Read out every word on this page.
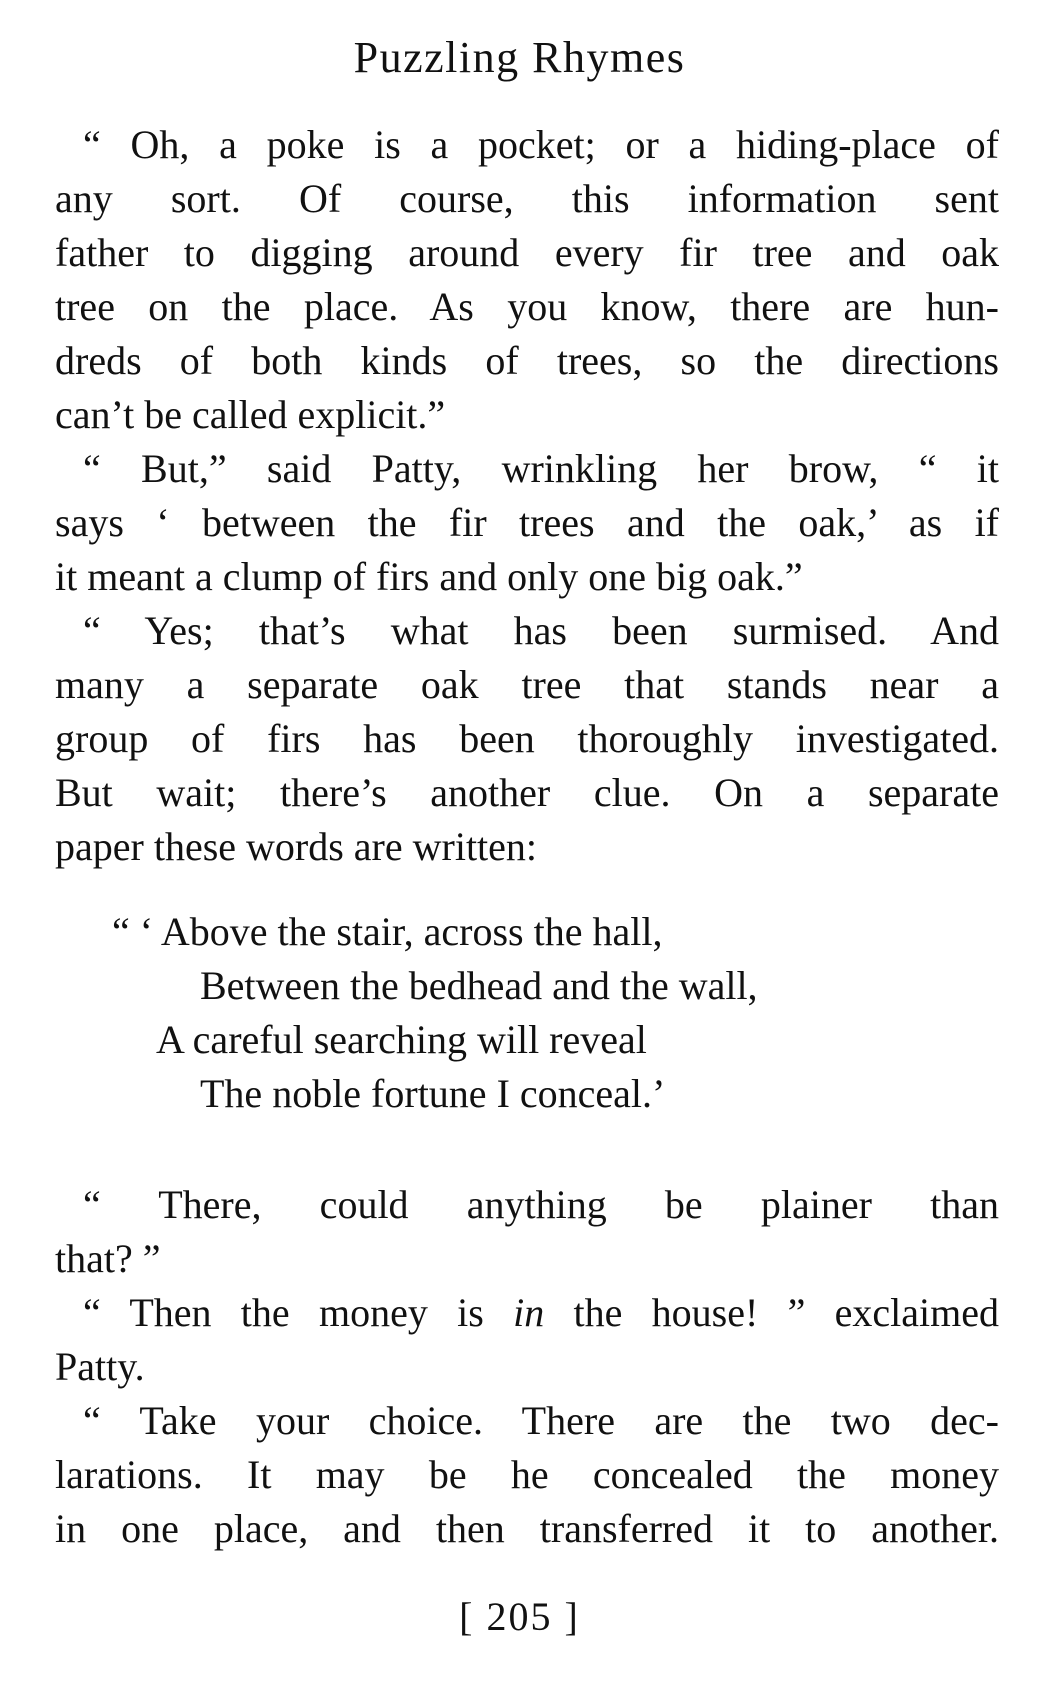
Puzzling Rhymes
“ Oh, a poke is a pocket; or a hiding-place of
any sort. Of course, this information sent
father to digging around every fir tree and oak
tree on the place. As you know, there are hun-
dreds of both kinds of trees, so the directions
can’t be called explicit.”
“ But,” said Patty, wrinkling her brow, “ it
says ‘ between the fir trees and the oak,’ as if
it meant a clump of firs and only one big oak.”
“ Yes; that’s what has been surmised. And
many a separate oak tree that stands near a
group of firs has been thoroughly investigated.
But wait; there’s another clue. On a separate
paper these words are written:
“ ‘ Above the stair, across the hall,
Between the bedhead and the wall,
A careful searching will reveal
The noble fortune I conceal.’
“ There, could anything be plainer than
that? ”
“ Then the money is in the house! ” exclaimed
Patty.
“ Take your choice. There are the two dec-
larations. It may be he concealed the money
in one place, and then transferred it to another.
[ 205 ]
